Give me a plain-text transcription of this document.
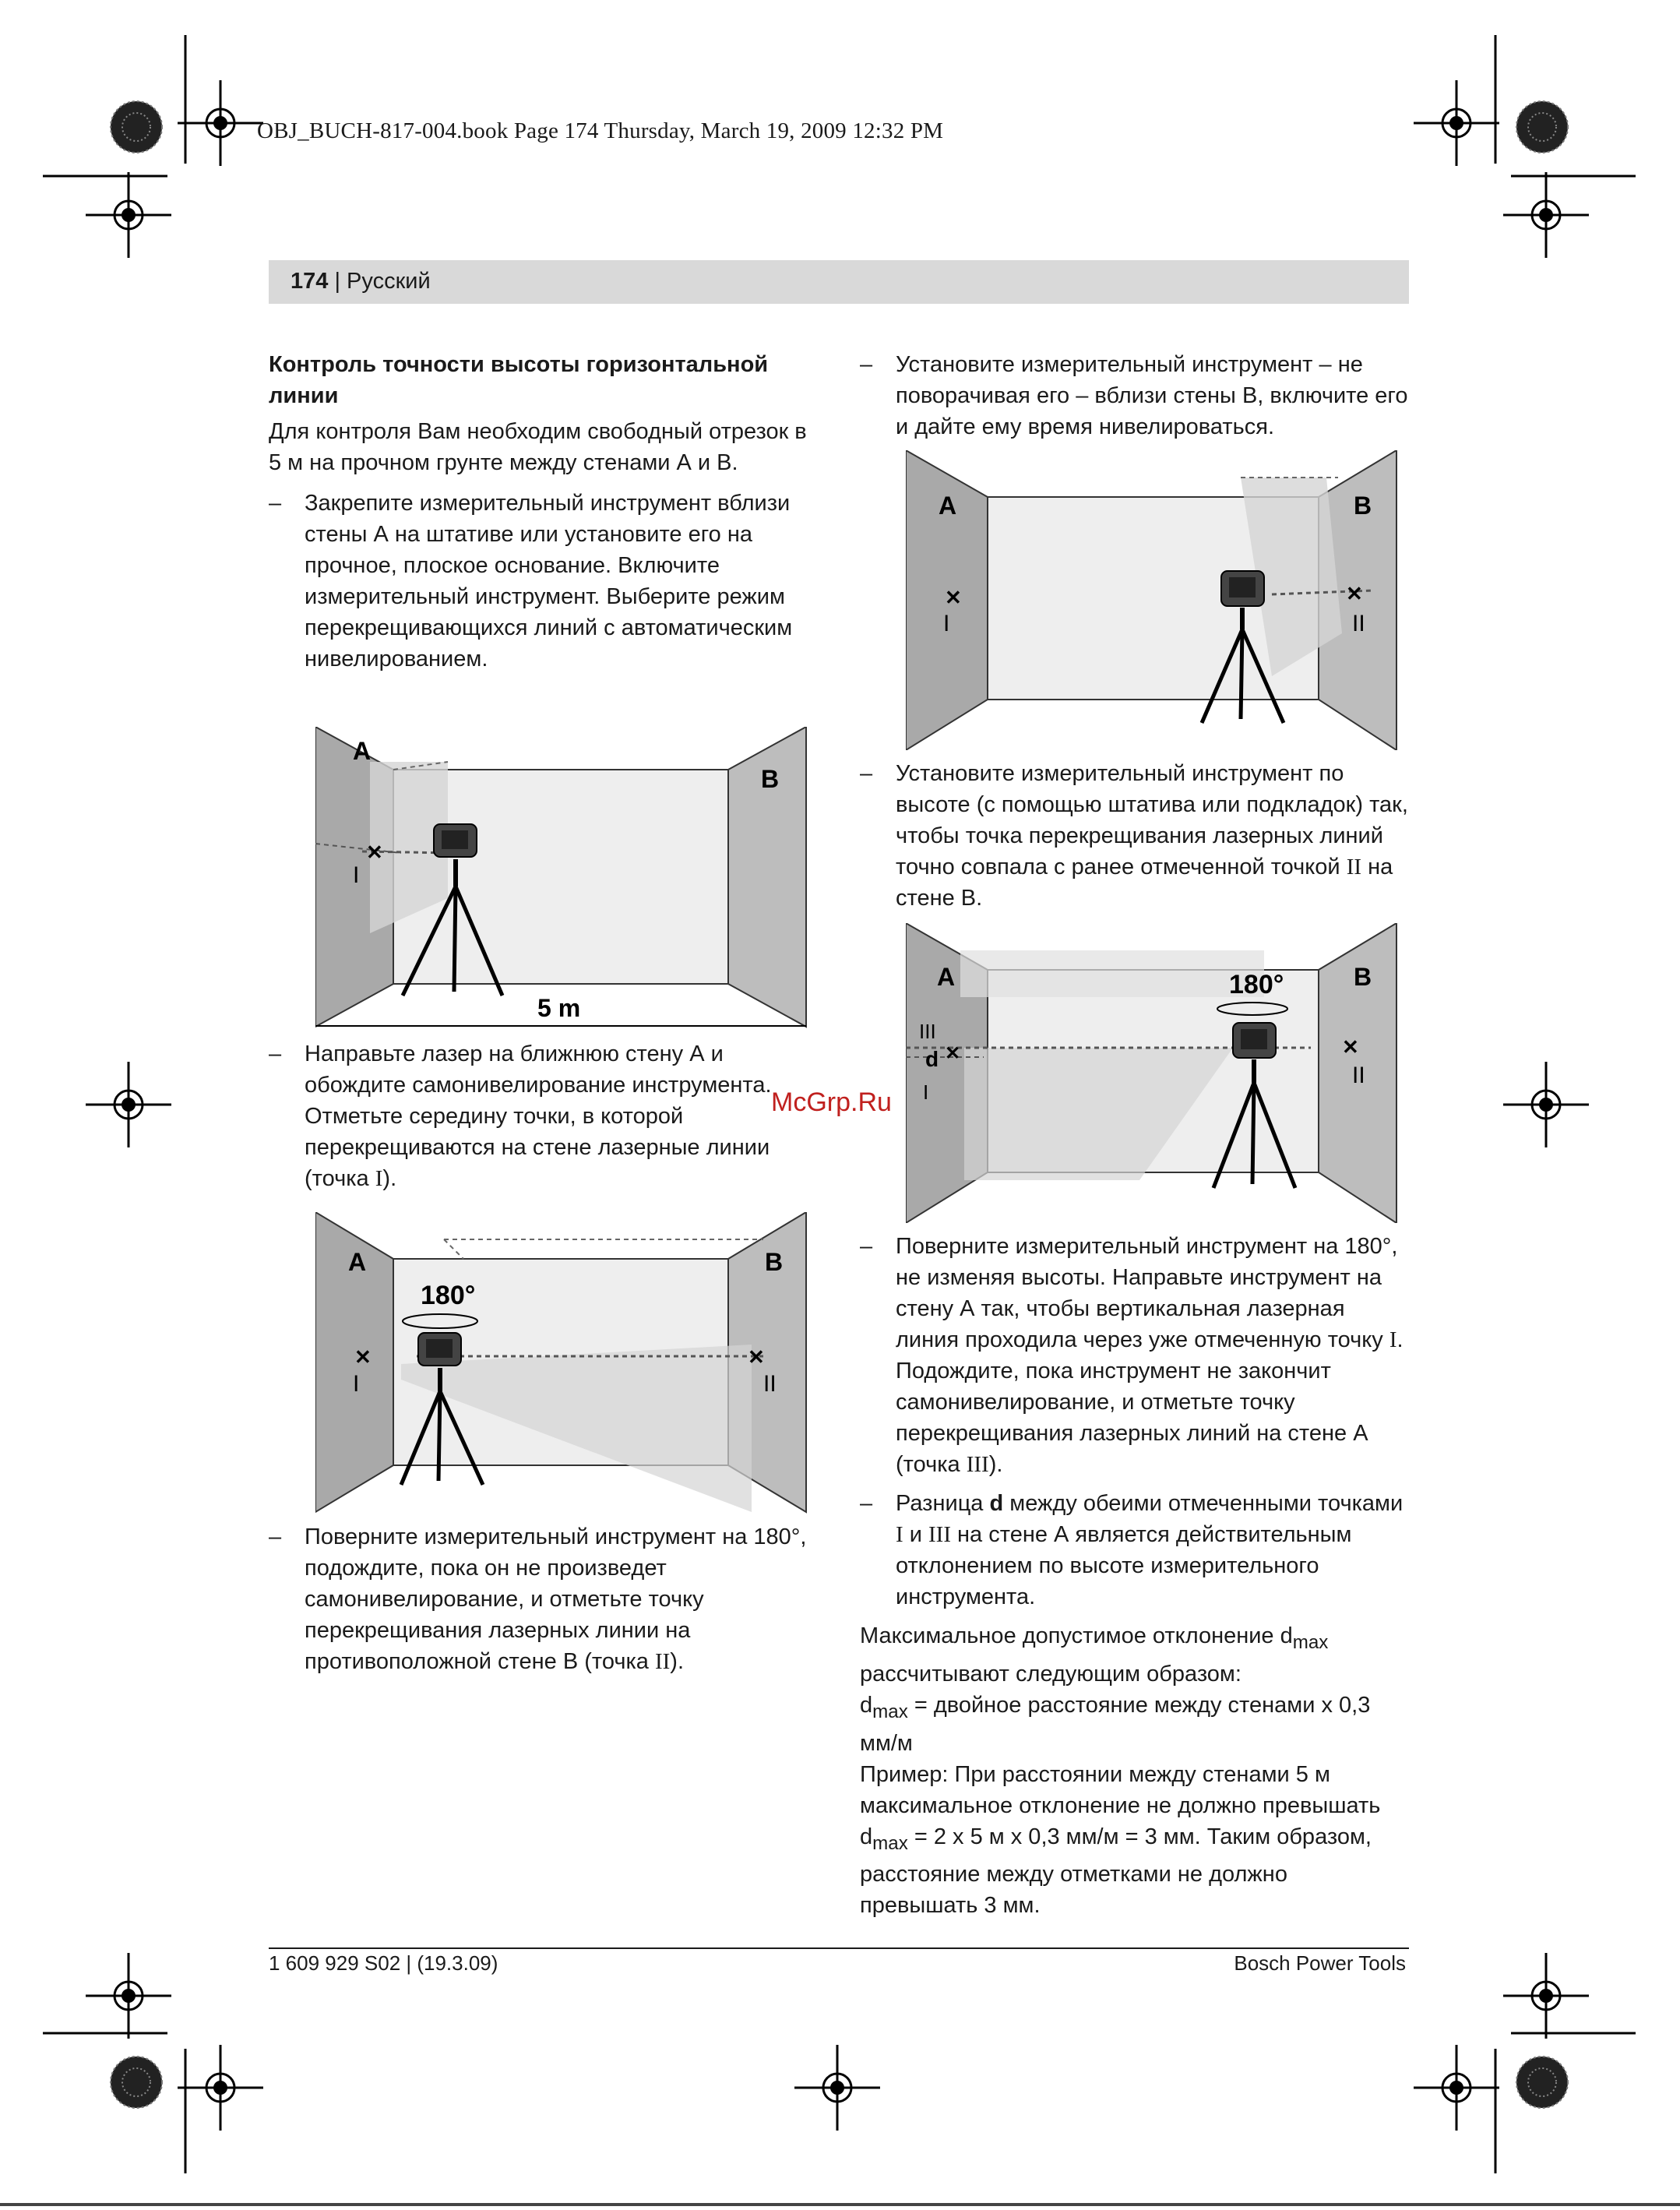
OBJ_BUCH-817-004.book Page 174 Thursday, March 19, 2009 12:32 PM
174 | Русский

Контроль точности высоты горизонтальной линии

Для контроля Вам необходим свободный отрезок в 5 м на прочном грунте между стенами А и В.

– Закрепите измерительный инструмент вблизи стены А на штативе или установите его на прочное, плоское основание. Включите измерительный инструмент. Выберите режим перекрещивающихся линий с автоматическим нивелированием.
✕
A
B
I
5 m
– Направьте лазер на ближнюю стену А и обождите самонивелирование инструмента. Отметьте середину точки, в которой перекрещиваются на стене лазерные линии (точка I).
✕
✕
A	B
I	II
180°
– Поверните измерительный инструмент на 180°, подождите, пока он не произведет самонивелирование, и отметьте точку перекрещивания лазерных линии на противоположной стене В (точка II).
– Установите измерительный инструмент – не поворачивая его – вблизи стены В, включите его и дайте ему время нивелироваться.
✕
✕
A	B
I	II
– Установите измерительный инструмент по высоте (с помощью штатива или подкладок) так, чтобы точка перекрещивания лазерных линий точно совпала с ранее отмеченной точкой II на стене В.
III
d
I
✕	✕
A	B
II
180°
– Поверните измерительный инструмент на 180°, не изменяя высоты. Направьте инструмент на стену А так, чтобы вертикальная лазерная линия проходила через уже отмеченную точку I. Подождите, пока инструмент не закончит самонивелирование, и отметьте точку перекрещивания лазерных линий на стене А (точка III).
– Разница d между обеими отмеченными точками I и III на стене А является действительным отклонением по высоте измерительного инструмента.

Максимальное допустимое отклонение $d_{max}$ рассчитывают следующим образом:

$d_{max}$ = двойное расстояние между стенами x 0,3 мм/м

Пример: При расстоянии между стенами 5 м максимальное отклонение не должно превышать $d_{max} = 2$ x 5 м x 0,3 мм/м = 3 мм. Таким образом, расстояние между отметками не должно превышать 3 мм.

McGrp.Ru
1 609 929 S02 | (19.3.09)	Bosch Power Tools
